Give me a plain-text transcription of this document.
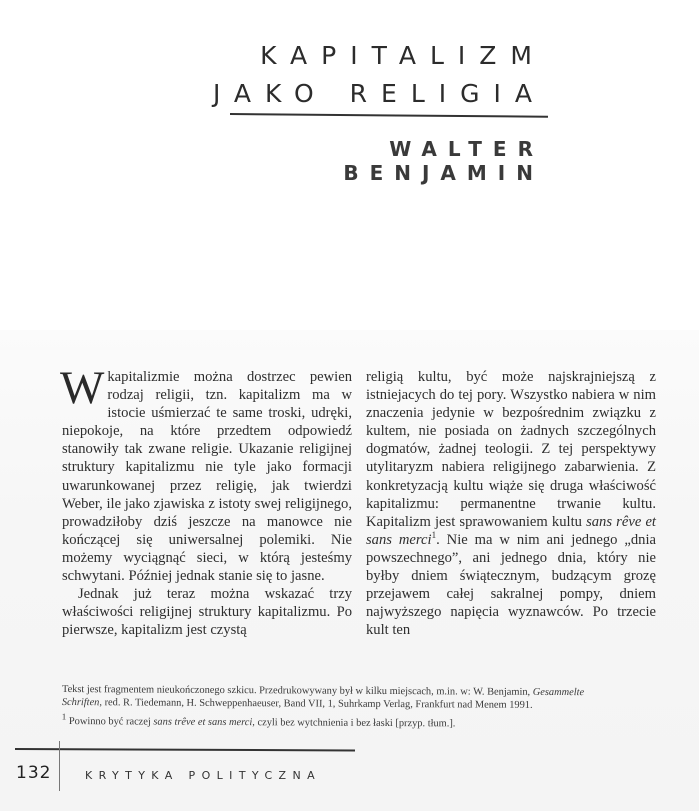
KAPITALIZM
JAKO RELIGIA
WALTER
BENJAMIN

Wkapitalizmie można dostrzec pewien rodzaj religii, tzn. kapitalizm ma w istocie uśmierzać te same troski, udręki, niepokoje, na które przedtem odpowiedź stanowiły tak zwane religie. Ukazanie religijnej struktury kapitalizmu nie tyle jako formacji uwarunkowanej przez religię, jak twierdzi Weber, ile jako zjawiska z istoty swej religijnego, prowadziłoby dziś jeszcze na manowce nie kończącej się uniwersalnej polemiki. Nie możemy wyciągnąć sieci, w którą jesteśmy schwytani. Później jednak stanie się to jasne.

Jednak już teraz można wskazać trzy właściwości religijnej struktury kapitalizmu. Po pierwsze, kapitalizm jest czystą

religią kultu, być może najskrajniejszą z istniejacych do tej pory. Wszystko nabiera w nim znaczenia jedynie w bezpośrednim związku z kultem, nie posiada on żadnych szczególnych dogmatów, żadnej teologii. Z tej perspektywy utylitaryzm nabiera religijnego zabarwienia. Z konkretyzacją kultu wiąże się druga właściwość kapitalizmu: permanentne trwanie kultu. Kapitalizm jest sprawowaniem kultu sans rêve et sans merci$^1$. Nie ma w nim ani jednego „dnia powszechnego”, ani jednego dnia, który nie byłby dniem świątecznym, budzącym grozę przejawem całej sakralnej pompy, dniem najwyższego napięcia wyznawców. Po trzecie kult ten

Tekst jest fragmentem nieukończonego szkicu. Przedrukowywany był w kilku miejscach, m.in. w: W. Benjamin, Gesammelte Schriften, red. R. Tiedemann, H. Schweppenhaeuser, Band VII, 1, Suhrkamp Verlag, Frankfurt nad Menem 1991.

1 Powinno być raczej sans trêve et sans merci, czyli bez wytchnienia i bez łaski [przyp. tłum.].

132	KRYTYKA POLITYCZNA
